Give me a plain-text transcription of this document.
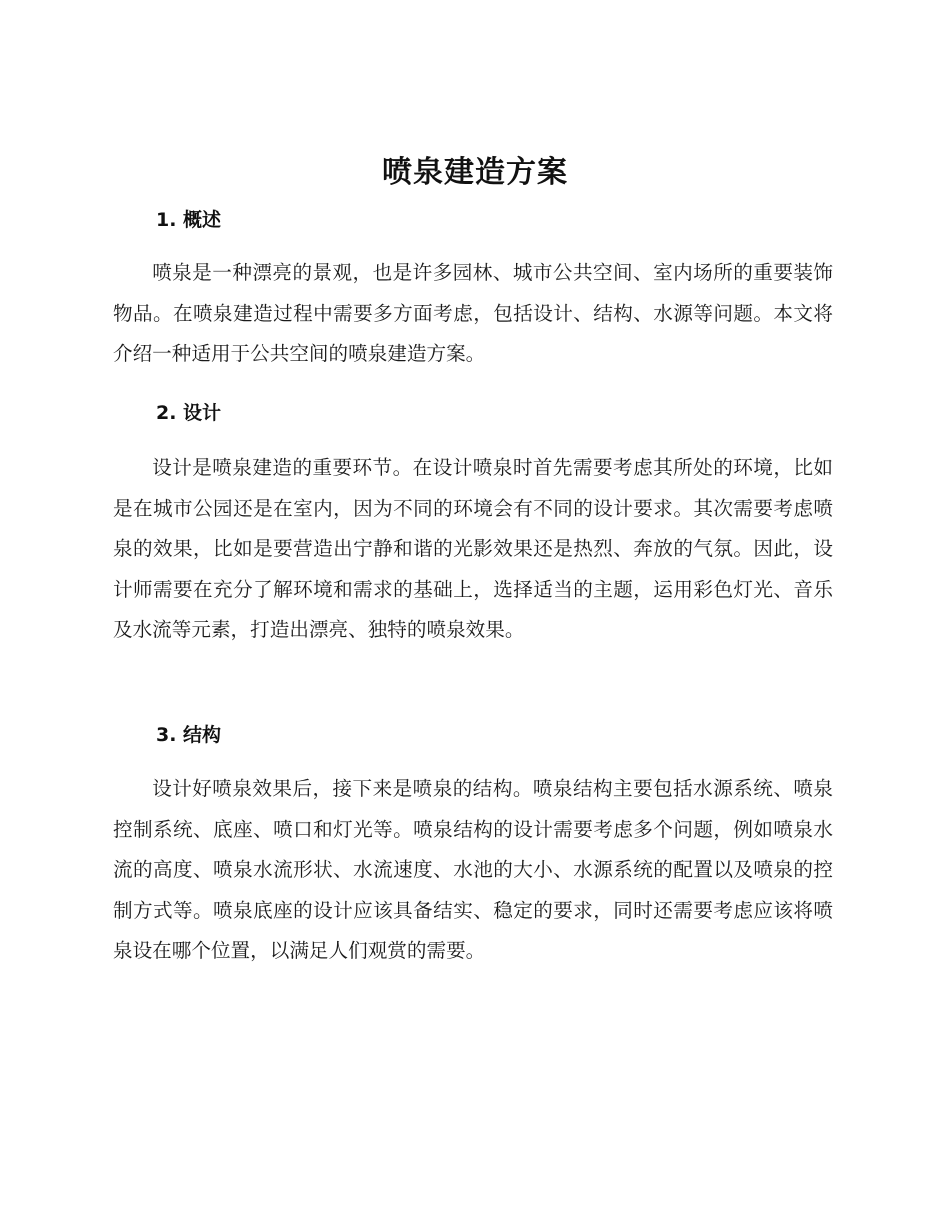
喷泉建造方案
1. 概述

喷泉是一种漂亮的景观，也是许多园林、城市公共空间、室内场所的重要装饰物品。在喷泉建造过程中需要多方面考虑，包括设计、结构、水源等问题。本文将介绍一种适用于公共空间的喷泉建造方案。

2. 设计

设计是喷泉建造的重要环节。在设计喷泉时首先需要考虑其所处的环境，比如是在城市公园还是在室内，因为不同的环境会有不同的设计要求。其次需要考虑喷泉的效果，比如是要营造出宁静和谐的光影效果还是热烈、奔放的气氛。因此，设计师需要在充分了解环境和需求的基础上，选择适当的主题，运用彩色灯光、音乐及水流等元素，打造出漂亮、独特的喷泉效果。

3. 结构

设计好喷泉效果后，接下来是喷泉的结构。喷泉结构主要包括水源系统、喷泉控制系统、底座、喷口和灯光等。喷泉结构的设计需要考虑多个问题，例如喷泉水流的高度、喷泉水流形状、水流速度、水池的大小、水源系统的配置以及喷泉的控制方式等。喷泉底座的设计应该具备结实、稳定的要求，同时还需要考虑应该将喷泉设在哪个位置，以满足人们观赏的需要。
